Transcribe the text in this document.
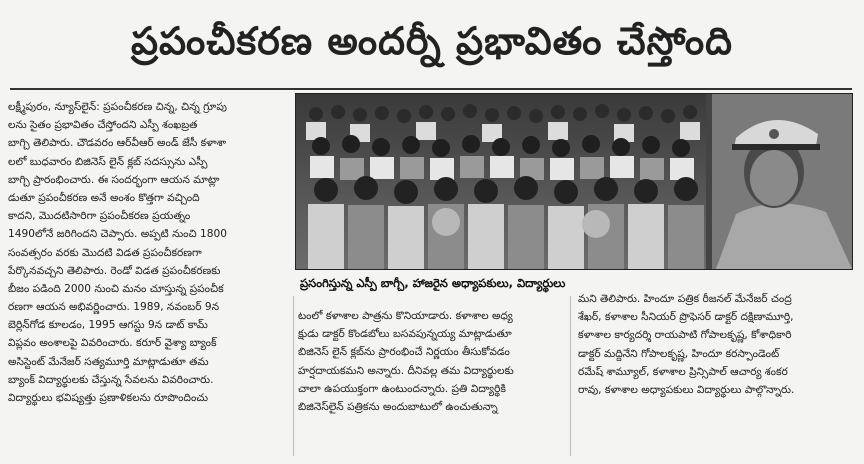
ప్రపంచీకరణ అందర్నీ ప్రభావితం చేస్తోంది
లక్ష్మీపురం, న్యూస్‌లైన్: ప్రపంచీకరణ చిన్న, చిన్న గ్రూపు
లను సైతం ప్రభావితం చేస్తోందని ఎస్పీ శంఖబ్రత
బాగ్చి తెలిపారు. చౌడవరం ఆర్‌వీఆర్ అండ్ జేసీ కళాశా
లలో బుధవారం బిజినెస్ లైన్ క్లబ్ సదస్సును ఎస్పీ
బాగ్చి ప్రారంభించారు. ఈ సందర్భంగా ఆయన మాట్లా
డుతూ ప్రపంచీకరణ అనే అంశం కొత్తగా వచ్చింది
కాదని, మొదటిసారిగా ప్రపంచీకరణ ప్రయత్నం
1490లోనే జరిగిందని చెప్పారు. అప్పటి నుంచి 1800
సంవత్సరం వరకు మొదటి విడత ప్రపంచీకరణగా
పేర్కొనవచ్చని తెలిపారు. రెండో విడత ప్రపంచీకరణకు
బీజం పడింది 2000 నుంచి మనం చూస్తున్న ప్రపంచీక
రణగా ఆయన అభివర్ణించారు. 1989, నవంబర్ 9న
బెర్లిన్‌గోడ కూలడం, 1995 ఆగస్టు 9న డాట్ కామ్
విప్లవం అంశాలపై వివరించారు. కరూర్ వైశ్యా బ్యాంక్
అసిస్టెంట్ మేనేజర్ సత్యమూర్తి మాట్లాడుతూ తమ
బ్యాంక్ విద్యార్థులకు చేస్తున్న సేవలను వివరించారు.
విద్యార్థులు భవిష్యత్తు ప్రణాళికలను రూపొందించు
ప్రసంగిస్తున్న ఎస్పీ బాగ్చీ, హాజరైన అధ్యాపకులు, విద్యార్థులు
టంలో కళాశాల పాత్రను కొనియాడారు. కళాశాల అధ్య
క్షుడు డాక్టర్ కొండబోలు బసవపున్నయ్య మాట్లాడుతూ
బిజినెస్ లైన్ క్లబ్‌ను ప్రారంభించే నిర్ణయం తీసుకోవడం
హర్షదాయకమని అన్నారు. దీనివల్ల తమ విద్యార్థులకు
చాలా ఉపయుక్తంగా ఉంటుందన్నారు. ప్రతి విద్యార్థికి
బిజినెస్‌లైన్ పత్రికను అందుబాటులో ఉంచుతున్నా
మని తెలిపారు. హిందూ పత్రిక రీజనల్ మేనేజర్ చంద్ర
శేఖర్, కళాశాల సీనియర్ ప్రొఫెసర్ డాక్టర్ దక్షిణామూర్తి,
కళాశాల కార్యదర్శి రాయపాటి గోపాలకృష్ణ, కోశాధికారి
డాక్టర్ మద్దినేని గోపాలకృష్ణ, హిందూ కరస్పాండెంట్
రమేష్ శామ్యూల్, కళాశాల ప్రిన్సిపాల్ ఆచార్య శంకర
రావు, కళాశాల అధ్యాపకులు విద్యార్థులు పాల్గొన్నారు.
